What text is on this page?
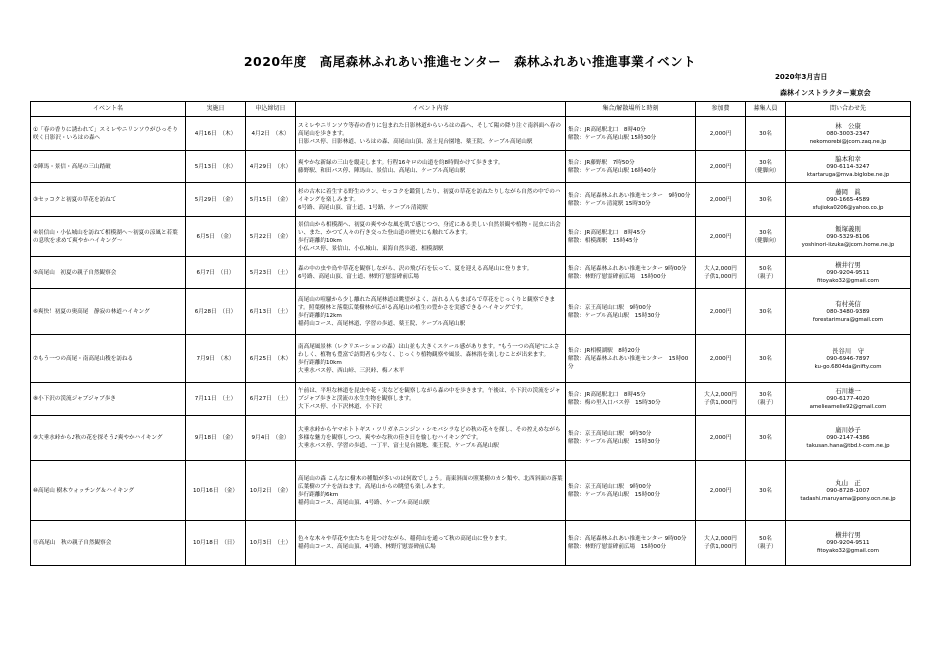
2020年度　高尾森林ふれあい推進センター　森林ふれあい推進事業イベント
2020年3月吉日
森林インストラクター東京会
イベント名	実施日	申込締切日	イベント内容	集合/解散場所と時刻	参加費	募集人員	問い合わせ先

①「春の香りに誘われて」スミレやニリンソウがひっそり咲く日影沢・いろはの森へ	4月16日　（木）	4月2日　（木）	スミレやニリンソウ等春の香りに包まれた日影林道からいろはの森へ、そして陽の降り注ぐ南斜面へ春の高尾山を歩きます。
日影バス停、日影林道、いろはの森、高尾山山頂、富士見台園地、薬王院、ケーブル高尾山駅	集合：JR高尾駅北口　8時40分
解散：ケーブル高尾山駅 15時30分	2,000円	30名	林　公康
080-3003-2347
nekomorebi@jcom.zaq.ne.jp

②陣馬・景信・高尾の三山踏破	5月13日　（水）	4月29日　（水）	爽やかな新緑の三山を縦走します。行程16キロの山道を約8時間かけて歩きます。
藤野駅、和田バス停、陣馬山、景信山、高尾山、ケーブル高尾山駅	集合：JR藤野駅　7時50分
解散：ケーブル高尾山駅 16時40分	2,000円	30名
（健脚向）	脇本和幸
090-6114-3247
ktartaruga@mva.biglobe.ne.jp

③セッコクと初夏の草花を訪ねて	5月29日　（金）	5月15日　（金）	杉の古木に着生する野生のラン、セッコクを鑑賞したり、初夏の草花を訪ねたりしながら自然の中でのハイキングを楽しみます。
6号路、高尾山頂、富士道、1号路、ケーブル清滝駅	集合：高尾森林ふれあい推進センター　9時00分
解散：ケーブル清滝駅 15時30分	2,000円	30名	藤岡　眞
090-1665-4589
sfujioka0206@yahoo.co.jp

④景信山・小仏城山を訪ねて相模湖へ～初夏の涼風と若葉の息吹を求めて爽やかハイキング～	6月5日　（金）	5月22日　（金）	景信山から相模湖へ、初夏の爽やかな風を肌で感じつつ、身近にある美しい自然景観や植物・昆虫に出会い、また、かつて人々の行き交った登山道の歴史にも触れてみます。
歩行距離約10km
小仏バス停、景信山、小仏城山、東海自然歩道、相模湖駅	集合：JR高尾駅北口　8時45分
解散：相模湖駅　15時45分	2,000円	30名
（健脚向）	飯塚義則
090-5329-8106
yoshinori-iizuka@jcom.home.ne.jp

⑤高尾山　初夏の親子自然観察会	6月7日　（日）	5月23日　（土）	森の中の虫や鳥や草花を観察しながら、沢の飛び石を伝って、夏を迎える高尾山に登ります。
6号路、高尾山頂、富士道、林野庁慰霊碑前広場	集合：高尾森林ふれあい推進センター 9時00分
解散：林野庁慰霊碑前広場　15時00分	大人2,000円
子供1,000円	50名
（親子）	横井行男
090-9204-9511
fitoyako32@gmail.com

⑥爽快！初夏の奥高尾　静寂の林道ハイキング	6月28日　（日）	6月13日　（土）	高尾山の喧騒から少し離れた高尾林道は眺望がよく、訪れる人もまばらで草花をじっくりと観察できます。照葉樹林と落葉広葉樹林が広がる高尾山の植生の豊かさを実感できるハイキングです。
歩行距離約12km
稲荷山コース、高尾林道、学習の歩道、薬王院、ケーブル高尾山駅	集合：京王高尾山口駅　9時00分
解散：ケーブル高尾山駅　15時30分	2,000円	30名	有村英信
080-3480-9389
forestarimura@gmail.com

⑦もう一つの高尾・南高尾山稜を訪ねる	7月9日　（木）	6月25日　（木）	南高尾風景林（レクリエーションの森）は山並も大きくスケール感があります。"もう一つの高尾"にふさわしく、植物も豊富で訪問者も少なく、じっくり植物観察や風景、森林浴を楽しむことが出来ます。
歩行距離約10km
大垂水バス停、西山峠、三沢峠、梅ノ木平	集合：JR相模湖駅　8時20分
解散：高尾森林ふれあい推進センター　15時00分	2,000円	30名	長谷川　守
090-6946-7897
ku-go.6804da@nifty.com

⑧小下沢の渓流ジャブジャブ歩き	7月11日　（土）	6月27日　（土）	午前は、平坦な林道を昆虫や花・実などを観察しながら森の中を歩きます。午後は、小下沢の渓流をジャブジャブ歩きと渓流の水生生物を観察します。
大下バス停、小下沢林道、小下沢	集合：JR高尾駅北口　8時45分
解散：梅の里入口バス停　15時30分	大人2,000円
子供1,000円	30名
（親子）	石川雄一
090-6177-4020
amelieamelie92@gmail.com

⑨大垂水峠から♪秋の花を探そう♪爽やかハイキング	9月18日　（金）	9月4日　（金）	大垂水峠からヤマホトトギス・ツリガネニンジン・シモバシラなどの秋の花々を探し、その控えめながら多様な魅力を観察しつつ、爽やかな秋の佳き日を愉しむハイキングです。
大垂水バス停、学習の歩道、一丁平、富士見台園地、薬王院、ケーブル高尾山駅	集合：京王高尾山口駅　9時30分
解散：ケーブル高尾山駅　15時30分	2,000円	30名	廣川妙子
090-2147-4386
takusan.hana@tbd.t-com.ne.jp

⑩高尾山 樹木ウォッチング＆ハイキング	10月16日　（金）	10月2日　（金）	高尾山の森 こんなに樹木の種類が多いのは何故でしょう。南東斜面の照葉樹のカシ類や、北西斜面の落葉広葉樹のブナを訪ねます。高尾山からの眺望も楽しみます。
歩行距離約6km
稲荷山コース、高尾山頂、4号路、ケーブル高尾山駅	集合：京王高尾山口駅　9時00分
解散：ケーブル高尾山駅　15時00分	2,000円	30名	丸山　正
090-8728-1007
tadashi.maruyama@pony.ocn.ne.jp

⑪高尾山　秋の親子自然観察会	10月18日　（日）	10月3日　（土）	色々な木々や草花や虫たちを見つけながら、稲荷山を通って秋の高尾山に登ります。
稲荷山コース、高尾山頂、4号路、林野庁慰霊碑前広場	集合：高尾森林ふれあい推進センター 9時00分
解散：林野庁慰霊碑前広場　15時00分	大人2,000円
子供1,000円	50名
（親子）	横井行男
090-9204-9511
fitoyako32@gmail.com
